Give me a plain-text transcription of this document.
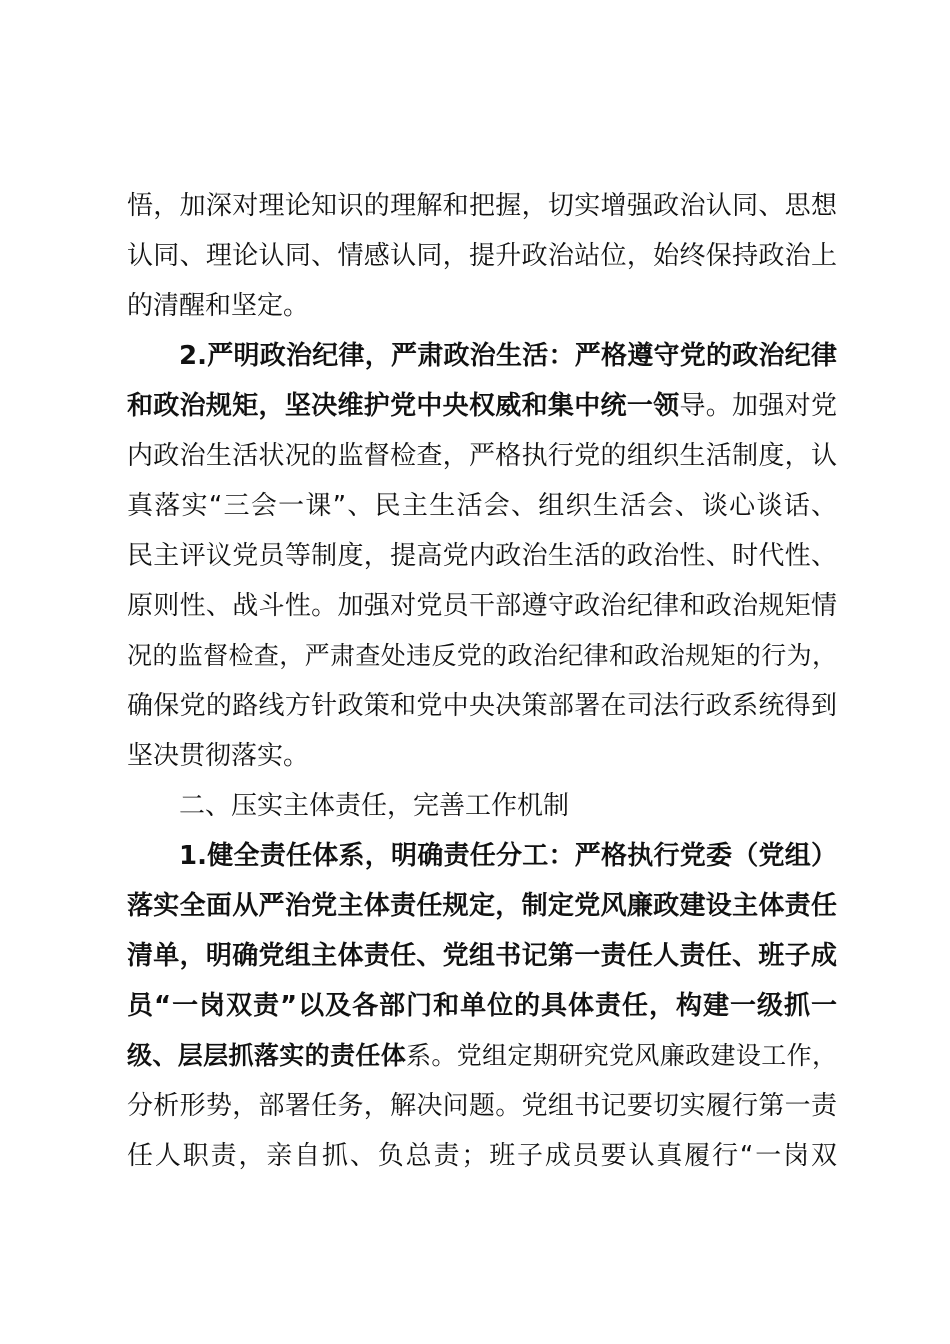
悟，加深对理论知识的理解和把握，切实增强政治认同、思想
认同、理论认同、情感认同，提升政治站位，始终保持政治上
的清醒和坚定。
2.严明政治纪律，严肃政治生活：严格遵守党的政治纪律
和政治规矩，坚决维护党中央权威和集中统一领导。加强对党
内政治生活状况的监督检查，严格执行党的组织生活制度，认
真落实“三会一课”、民主生活会、组织生活会、谈心谈话、
民主评议党员等制度，提高党内政治生活的政治性、时代性、
原则性、战斗性。加强对党员干部遵守政治纪律和政治规矩情
况的监督检查，严肃查处违反党的政治纪律和政治规矩的行为，
确保党的路线方针政策和党中央决策部署在司法行政系统得到
坚决贯彻落实。
二、压实主体责任，完善工作机制
1.健全责任体系，明确责任分工：严格执行党委（党组）
落实全面从严治党主体责任规定，制定党风廉政建设主体责任
清单，明确党组主体责任、党组书记第一责任人责任、班子成
员“一岗双责”以及各部门和单位的具体责任，构建一级抓一
级、层层抓落实的责任体系。党组定期研究党风廉政建设工作，
分析形势，部署任务，解决问题。党组书记要切实履行第一责
任人职责，亲自抓、负总责；班子成员要认真履行“一岗双
